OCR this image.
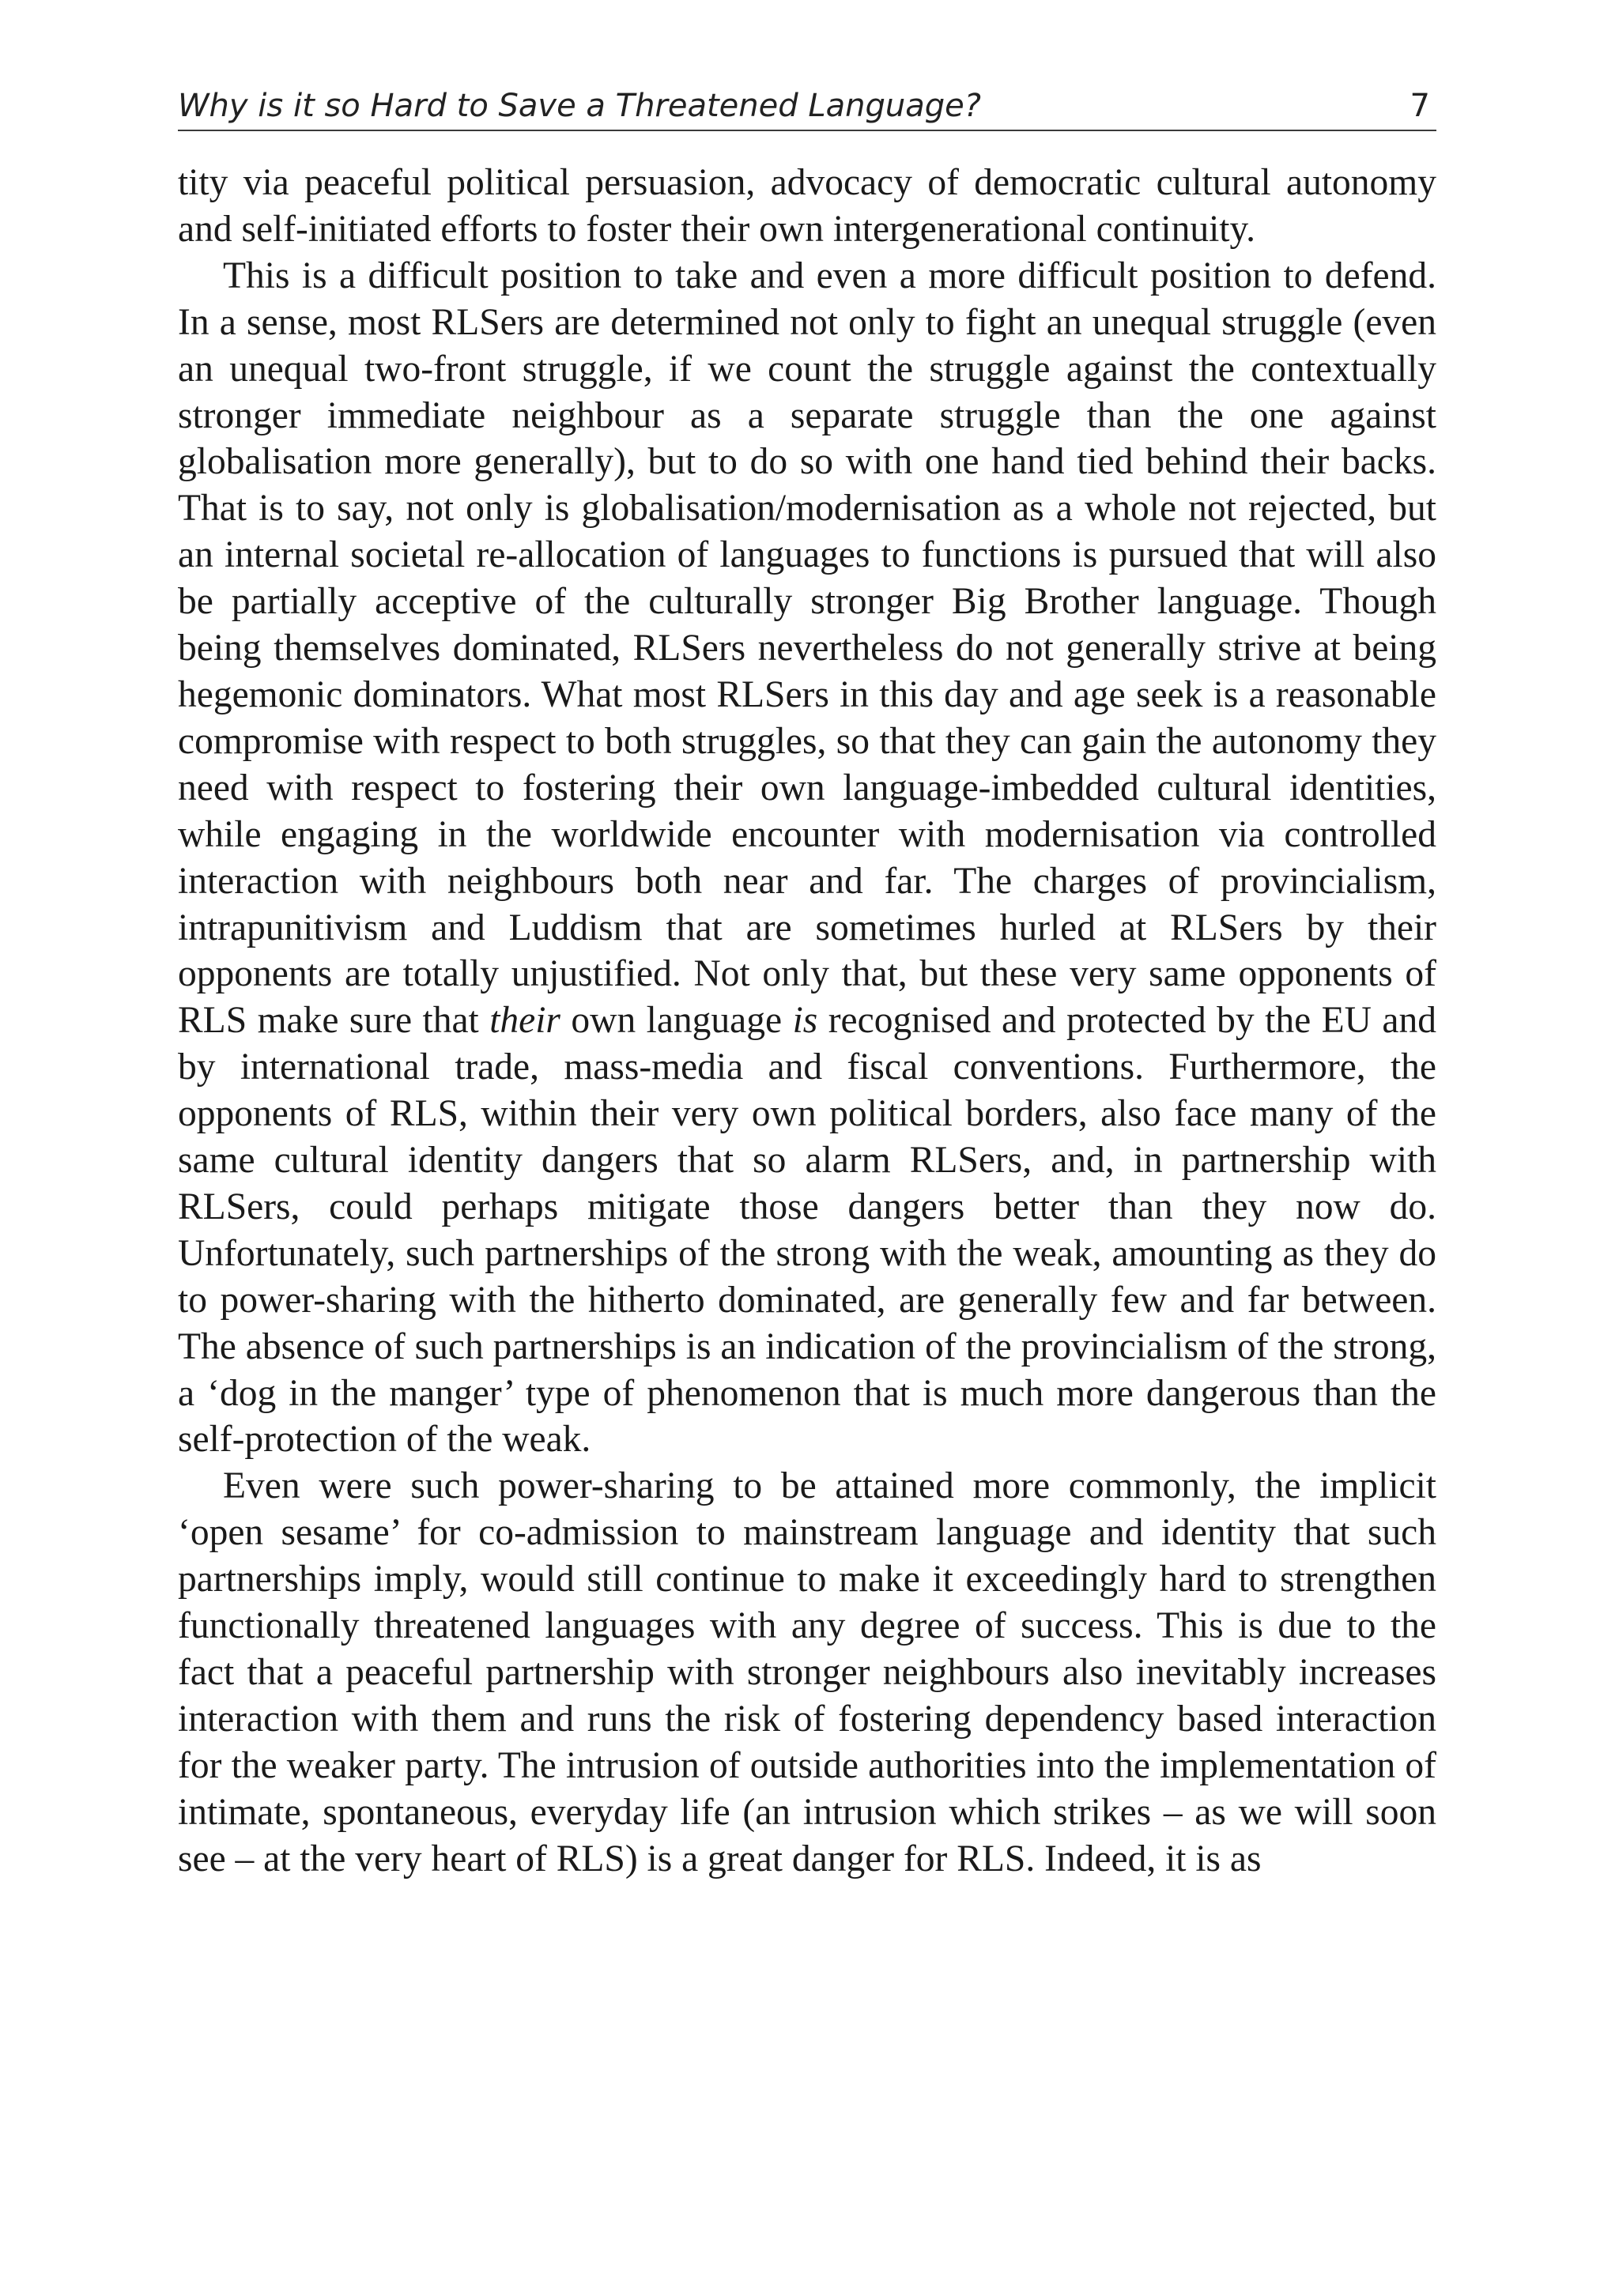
Why is it so Hard to Save a Threatened Language?	7

tity via peaceful political persuasion, advocacy of democratic cultural autonomy and self-initiated efforts to foster their own intergenerational continuity.

This is a difficult position to take and even a more difficult position to defend. In a sense, most RLSers are determined not only to fight an unequal struggle (even an unequal two-front struggle, if we count the struggle against the contextually stronger immediate neighbour as a separate struggle than the one against globalisation more generally), but to do so with one hand tied behind their backs. That is to say, not only is globalisation/modernisation as a whole not rejected, but an internal societal re-allocation of languages to functions is pursued that will also be partially acceptive of the culturally stronger Big Brother language. Though being themselves dominated, RLSers nevertheless do not generally strive at being hegemonic dominators. What most RLSers in this day and age seek is a reasonable compromise with respect to both struggles, so that they can gain the autonomy they need with respect to fostering their own language-imbedded cultural identities, while engaging in the worldwide encounter with modernisation via controlled interaction with neighbours both near and far. The charges of provincialism, intrapunitivism and Luddism that are sometimes hurled at RLSers by their opponents are totally unjustified. Not only that, but these very same opponents of RLS make sure that their own language is recognised and protected by the EU and by international trade, mass-media and fiscal conventions. Furthermore, the opponents of RLS, within their very own political borders, also face many of the same cultural identity dangers that so alarm RLSers, and, in partnership with RLSers, could perhaps mitigate those dangers better than they now do. Unfortunately, such partnerships of the strong with the weak, amounting as they do to power-sharing with the hitherto dominated, are generally few and far between. The absence of such partnerships is an indication of the provincialism of the strong, a ‘dog in the manger’ type of phenomenon that is much more dangerous than the self-protection of the weak.

Even were such power-sharing to be attained more commonly, the implicit ‘open sesame’ for co-admission to mainstream language and identity that such partnerships imply, would still continue to make it exceedingly hard to strengthen functionally threatened languages with any degree of success. This is due to the fact that a peaceful partnership with stronger neighbours also inevitably increases interaction with them and runs the risk of fostering dependency based interaction for the weaker party. The intrusion of outside authorities into the implementation of intimate, spontaneous, everyday life (an intrusion which strikes – as we will soon see – at the very heart of RLS) is a great danger for RLS. Indeed, it is as
